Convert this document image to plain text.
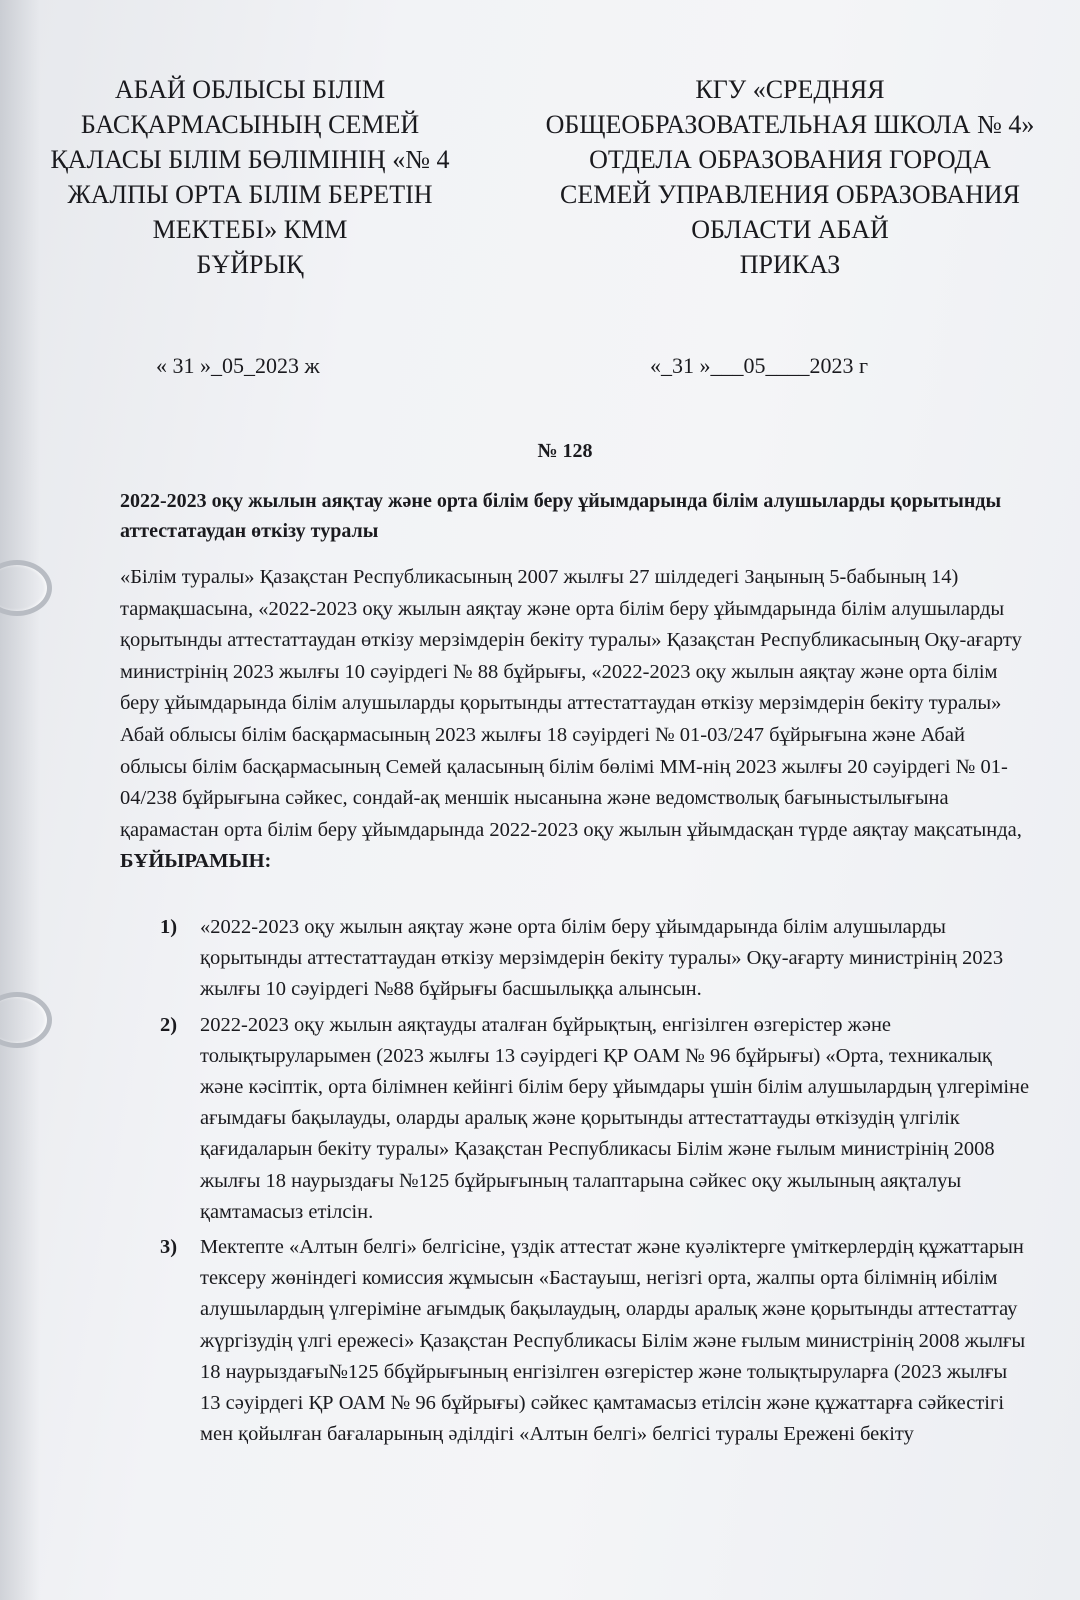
АБАЙ ОБЛЫСЫ БІЛІМ
БАСҚАРМАСЫНЫҢ СЕМЕЙ
ҚАЛАСЫ БІЛІМ БӨЛІМІНІҢ «№ 4
ЖАЛПЫ ОРТА БІЛІМ БЕРЕТІН
МЕКТЕБІ» КММ
БҰЙРЫҚ
КГУ «СРЕДНЯЯ
ОБЩЕОБРАЗОВАТЕЛЬНАЯ ШКОЛА № 4»
ОТДЕЛА ОБРАЗОВАНИЯ ГОРОДА
СЕМЕЙ УПРАВЛЕНИЯ ОБРАЗОВАНИЯ
ОБЛАСТИ АБАЙ
ПРИКАЗ
« 31 »_05_2023 ж	«_31 »___05____2023 г
№ 128
2022-2023 оқу жылын аяқтау және орта білім беру ұйымдарында білім алушыларды қорытынды аттестатаудан өткізу туралы
«Білім туралы» Қазақстан Республикасының 2007 жылғы 27 шілдедегі Заңының 5-бабының 14) тармақшасына, «2022-2023 оқу жылын аяқтау және орта білім беру ұйымдарында білім алушыларды қорытынды аттестаттаудан өткізу мерзімдерін бекіту туралы» Қазақстан Республикасының Оқу-ағарту министрінің 2023 жылғы 10 сәуірдегі № 88 бұйрығы, «2022-2023 оқу жылын аяқтау және орта білім беру ұйымдарында білім алушыларды қорытынды аттестаттаудан өткізу мерзімдерін бекіту туралы» Абай облысы білім басқармасының 2023 жылғы 18 сәуірдегі № 01-03/247 бұйрығына және Абай облысы білім басқармасының Семей қаласының білім бөлімі ММ-нің 2023 жылғы 20 сәуірдегі № 01-04/238 бұйрығына сәйкес, сондай-ақ меншік нысанына және ведомстволық бағыныстылығына қарамастан орта білім беру ұйымдарында 2022-2023 оқу жылын ұйымдасқан түрде аяқтау мақсатында, БҰЙЫРАМЫН:
1) «2022-2023 оқу жылын аяқтау және орта білім беру ұйымдарында білім алушыларды қорытынды аттестаттаудан өткізу мерзімдерін бекіту туралы» Оқу-ағарту министрінің 2023 жылғы 10 сәуірдегі №88 бұйрығы басшылыққа алынсын.
2) 2022-2023 оқу жылын аяқтауды аталған бұйрықтың, енгізілген өзгерістер және толықтыруларымен (2023 жылғы 13 сәуірдегі ҚР ОАМ № 96 бұйрығы) «Орта, техникалық және кәсіптік, орта білімнен кейінгі білім беру ұйымдары үшін білім алушылардың үлгеріміне ағымдағы бақылауды, оларды аралық және қорытынды аттестаттауды өткізудің үлгілік қағидаларын бекіту туралы» Қазақстан Республикасы Білім және ғылым министрінің 2008 жылғы 18 наурыздағы №125 бұйрығының талаптарына сәйкес оқу жылының аяқталуы қамтамасыз етілсін.
3) Мектепте «Алтын белгі» белгісіне, үздік аттестат және куәліктерге үміткерлердің құжаттарын тексеру жөніндегі комиссия жұмысын «Бастауыш, негізгі орта, жалпы орта білімнің ибілім алушылардың үлгеріміне ағымдық бақылаудың, оларды аралық және қорытынды аттестаттау жүргізудің үлгі ережесі» Қазақстан Республикасы Білім және ғылым министрінің 2008 жылғы 18 наурыздағы№125 ббұйрығының енгізілген өзгерістер және толықтыруларға (2023 жылғы 13 сәуірдегі ҚР ОАМ № 96 бұйрығы) сәйкес қамтамасыз етілсін және құжаттарға сәйкестігі мен қойылған бағаларының әділдігі «Алтын белгі» белгісі туралы Ережені бекіту
